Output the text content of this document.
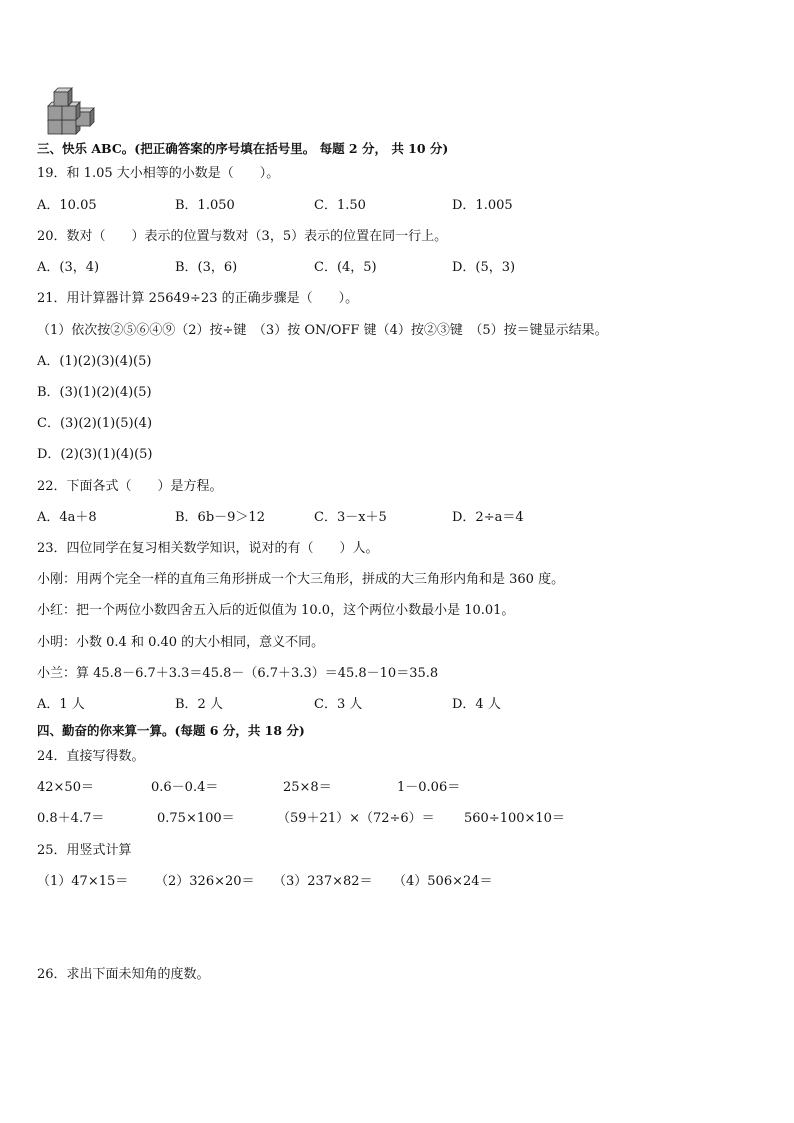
三、快乐 ABC。(把正确答案的序号填在括号里。 每题 2 分， 共 10 分)
19．和 1.05 大小相等的小数是（　　）。
A．10.05	B．1.050	C．1.50	D．1.005
20．数对（　　）表示的位置与数对（3，5）表示的位置在同一行上。
A．(3，4)	B．(3，6)	C．(4，5)	D．(5，3)
21．用计算器计算 25649÷23 的正确步骤是（　　）。
（1）依次按②⑤⑥④⑨（2）按÷键　（3）按 ON/OFF 键（4）按②③键　（5）按＝键显示结果。
A．(1)(2)(3)(4)(5)
B．(3)(1)(2)(4)(5)
C．(3)(2)(1)(5)(4)
D．(2)(3)(1)(4)(5)
22．下面各式（　　）是方程。
A．4a＋8	B．6b－9＞12	C．3－x＋5	D．2÷a＝4
23．四位同学在复习相关数学知识，说对的有（　　）人。
小刚：用两个完全一样的直角三角形拼成一个大三角形，拼成的大三角形内角和是 360 度。
小红：把一个两位小数四舍五入后的近似值为 10.0，这个两位小数最小是 10.01。
小明：小数 0.4 和 0.40 的大小相同，意义不同。
小兰：算 45.8－6.7＋3.3＝45.8－（6.7＋3.3）＝45.8－10＝35.8
A．1 人	B．2 人	C．3 人	D．4 人
四、勤奋的你来算一算。(每题 6 分，共 18 分)
24．直接写得数。
42×50＝	0.6－0.4＝	25×8＝	1－0.06＝
0.8＋4.7＝	0.75×100＝	（59＋21）×（72÷6）＝ 560÷100×10＝
25．用竖式计算
（1）47×15＝ （2）326×20＝ （3）237×82＝ （4）506×24＝
26．求出下面未知角的度数。
